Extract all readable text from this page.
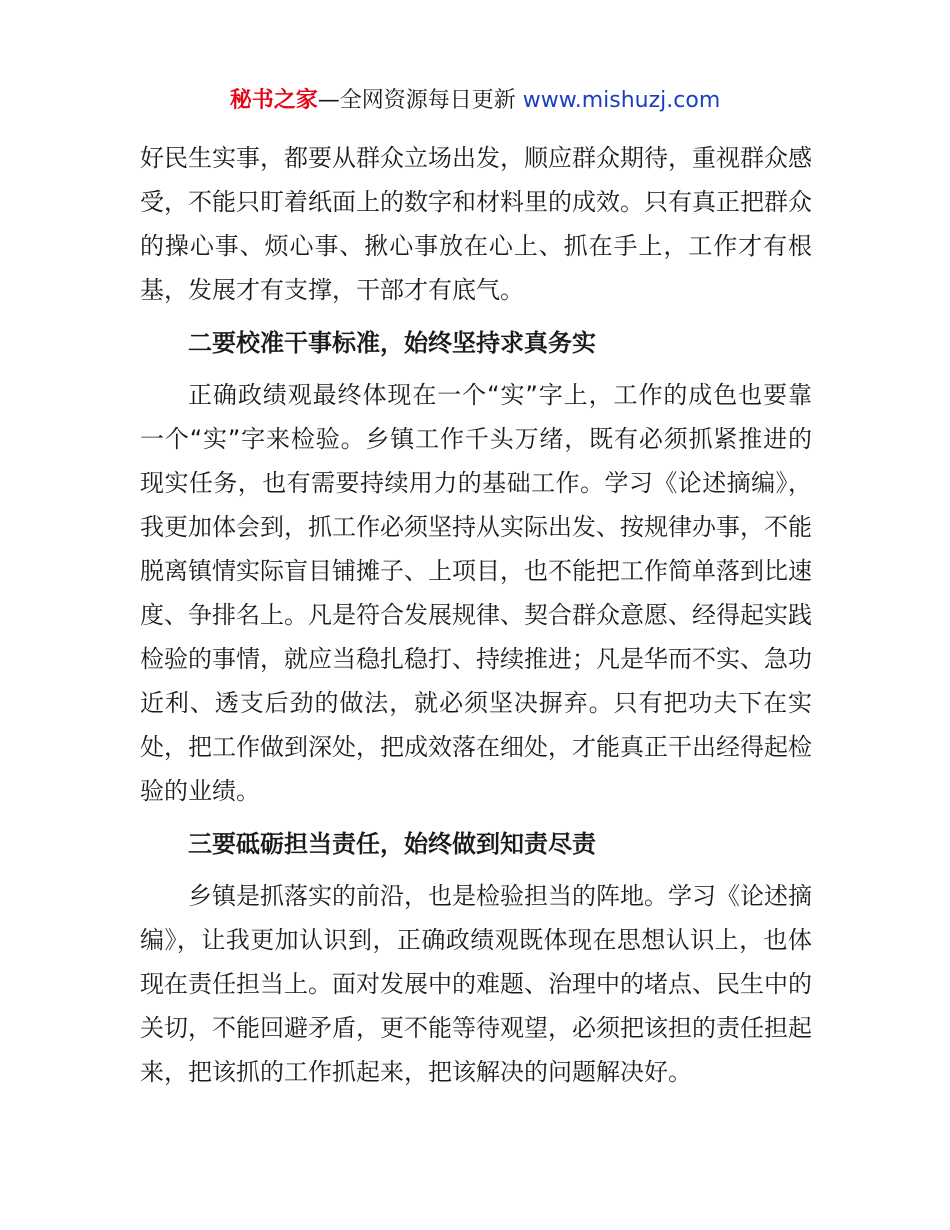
秘书之家—全网资源每日更新 www.mishuzj.com

好民生实事，都要从群众立场出发，顺应群众期待，重视群众感受，不能只盯着纸面上的数字和材料里的成效。只有真正把群众的操心事、烦心事、揪心事放在心上、抓在手上，工作才有根基，发展才有支撑，干部才有底气。

二要校准干事标准，始终坚持求真务实

正确政绩观最终体现在一个“实”字上，工作的成色也要靠一个“实”字来检验。乡镇工作千头万绪，既有必须抓紧推进的现实任务，也有需要持续用力的基础工作。学习《论述摘编》，我更加体会到，抓工作必须坚持从实际出发、按规律办事，不能脱离镇情实际盲目铺摊子、上项目，也不能把工作简单落到比速度、争排名上。凡是符合发展规律、契合群众意愿、经得起实践检验的事情，就应当稳扎稳打、持续推进；凡是华而不实、急功近利、透支后劲的做法，就必须坚决摒弃。只有把功夫下在实处，把工作做到深处，把成效落在细处，才能真正干出经得起检验的业绩。

三要砥砺担当责任，始终做到知责尽责

乡镇是抓落实的前沿，也是检验担当的阵地。学习《论述摘编》，让我更加认识到，正确政绩观既体现在思想认识上，也体现在责任担当上。面对发展中的难题、治理中的堵点、民生中的关切，不能回避矛盾，更不能等待观望，必须把该担的责任担起来，把该抓的工作抓起来，把该解决的问题解决好。
